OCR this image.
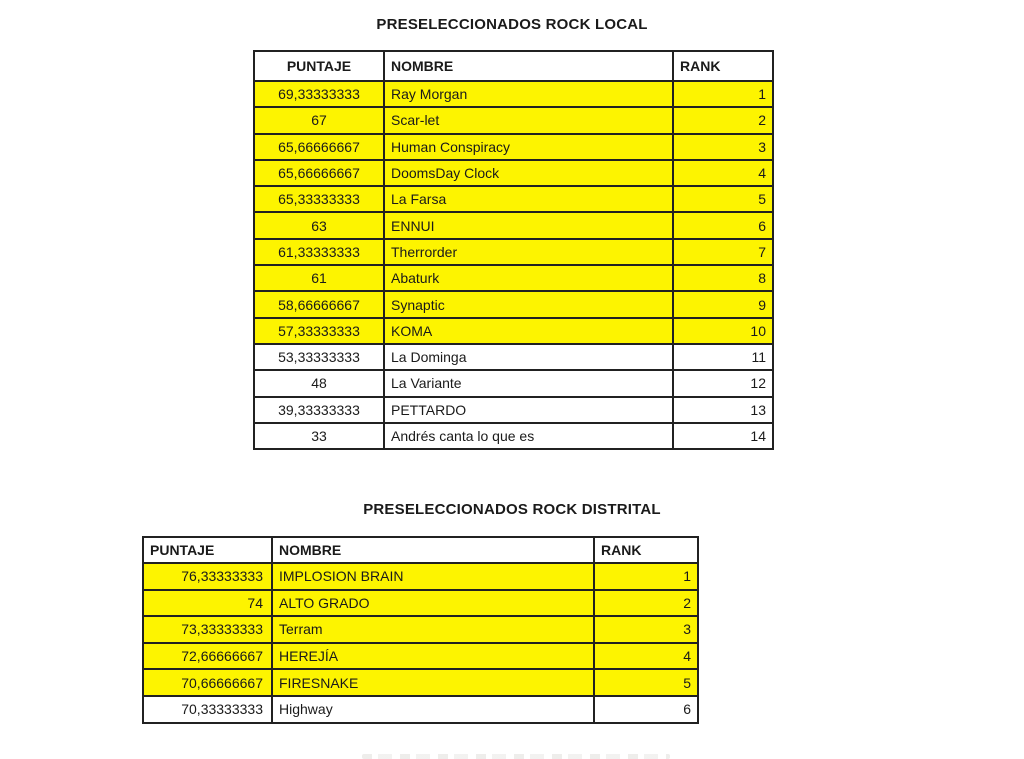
PRESELECCIONADOS ROCK LOCAL
PUNTAJE	NOMBRE	RANK
69,33333333	Ray Morgan	1
67	Scar-let	2
65,66666667	Human Conspiracy	3
65,66666667	DoomsDay Clock	4
65,33333333	La Farsa	5
63	ENNUI	6
61,33333333	Therrorder	7
61	Abaturk	8
58,66666667	Synaptic	9
57,33333333	KOMA	10
53,33333333	La Dominga	11
48	La Variante	12
39,33333333	PETTARDO	13
33	Andrés canta lo que es	14
PRESELECCIONADOS ROCK DISTRITAL
PUNTAJE	NOMBRE	RANK
76,33333333	IMPLOSION BRAIN	1
74	ALTO GRADO	2
73,33333333	Terram	3
72,66666667	HEREJÍA	4
70,66666667	FIRESNAKE	5
70,33333333	Highway	6
